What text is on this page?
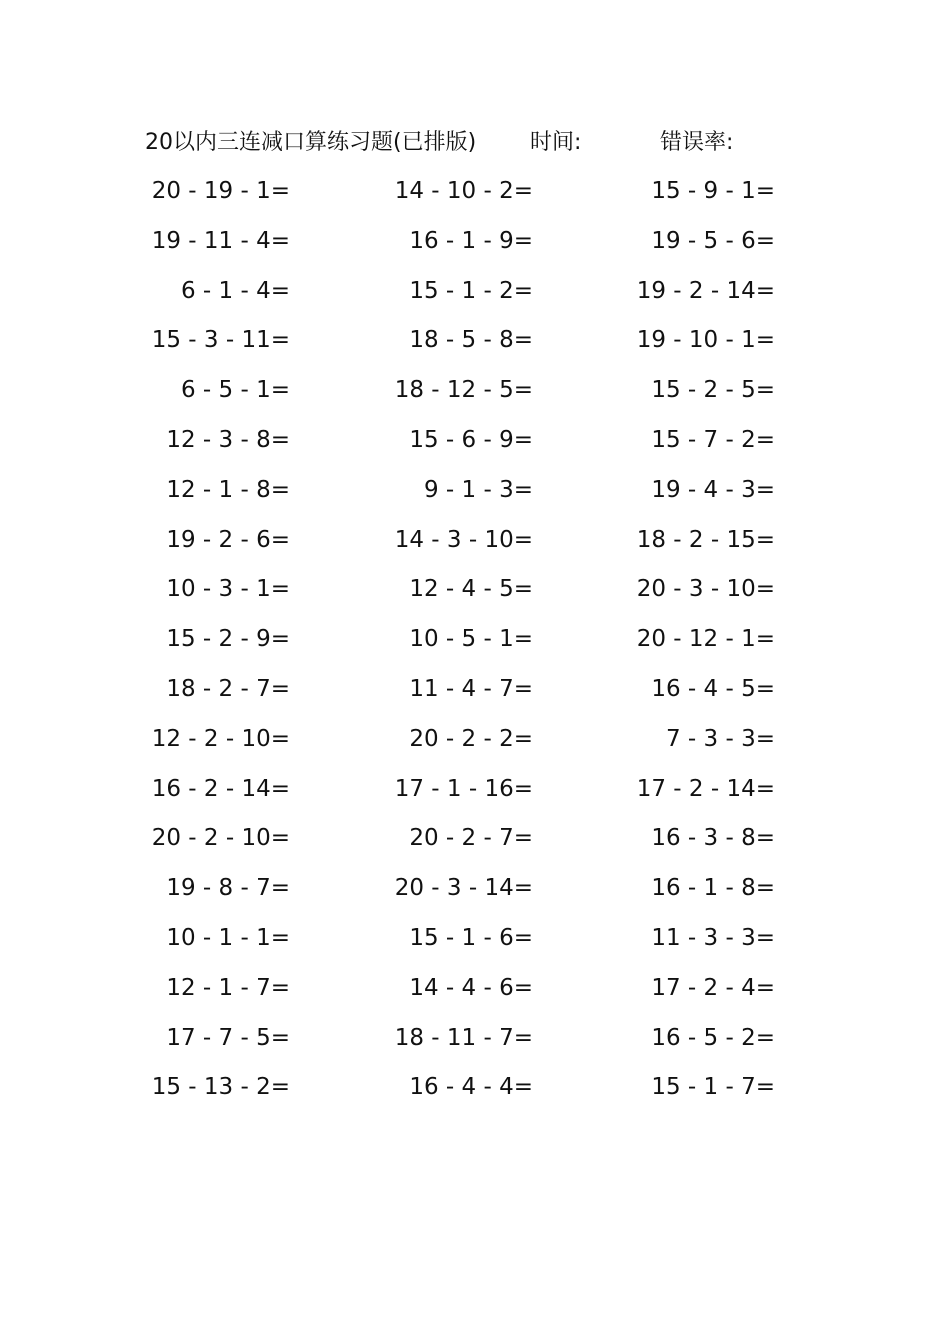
20以内三连减口算练习题(已排版) 时间:	错误率:
20 - 19 - 1=	14 - 10 - 2=	15 - 9 - 1=
19 - 11 - 4=	16 - 1 - 9=	19 - 5 - 6=
6 - 1 - 4=	15 - 1 - 2=	19 - 2 - 14=
15 - 3 - 11=	18 - 5 - 8=	19 - 10 - 1=
6 - 5 - 1=	18 - 12 - 5=	15 - 2 - 5=
12 - 3 - 8=	15 - 6 - 9=	15 - 7 - 2=
12 - 1 - 8=	9 - 1 - 3=	19 - 4 - 3=
19 - 2 - 6=	14 - 3 - 10=	18 - 2 - 15=
10 - 3 - 1=	12 - 4 - 5=	20 - 3 - 10=
15 - 2 - 9=	10 - 5 - 1=	20 - 12 - 1=
18 - 2 - 7=	11 - 4 - 7=	16 - 4 - 5=
12 - 2 - 10=	20 - 2 - 2=	7 - 3 - 3=
16 - 2 - 14=	17 - 1 - 16=	17 - 2 - 14=
20 - 2 - 10=	20 - 2 - 7=	16 - 3 - 8=
19 - 8 - 7=	20 - 3 - 14=	16 - 1 - 8=
10 - 1 - 1=	15 - 1 - 6=	11 - 3 - 3=
12 - 1 - 7=	14 - 4 - 6=	17 - 2 - 4=
17 - 7 - 5=	18 - 11 - 7=	16 - 5 - 2=
15 - 13 - 2=	16 - 4 - 4=	15 - 1 - 7=
